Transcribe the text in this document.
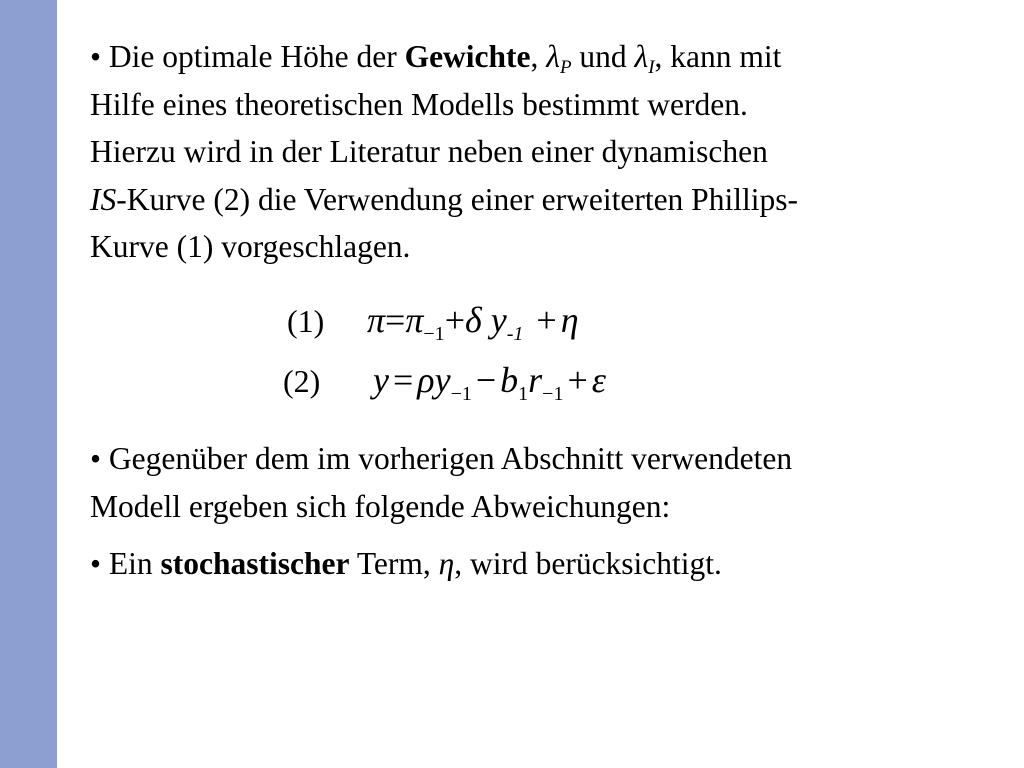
• Die optimale Höhe der Gewichte, $\lambda_P$ und $\lambda_I$, kann mit
Hilfe eines theoretischen Modells bestimmt werden.
Hierzu wird in der Literatur neben einer dynamischen
IS-Kurve (2) die Verwendung einer erweiterten Phillips-
Kurve (1) vorgeschlagen.
(1) $\pi=\pi_{-1}+\delta$ $y_{-1} + \eta$
(2) $y = \rho y_{-1} - b_1r_{-1} + \varepsilon$
• Gegenüber dem im vorherigen Abschnitt verwendeten
Modell ergeben sich folgende Abweichungen:
• Ein stochastischer Term, η, wird berücksichtigt.
